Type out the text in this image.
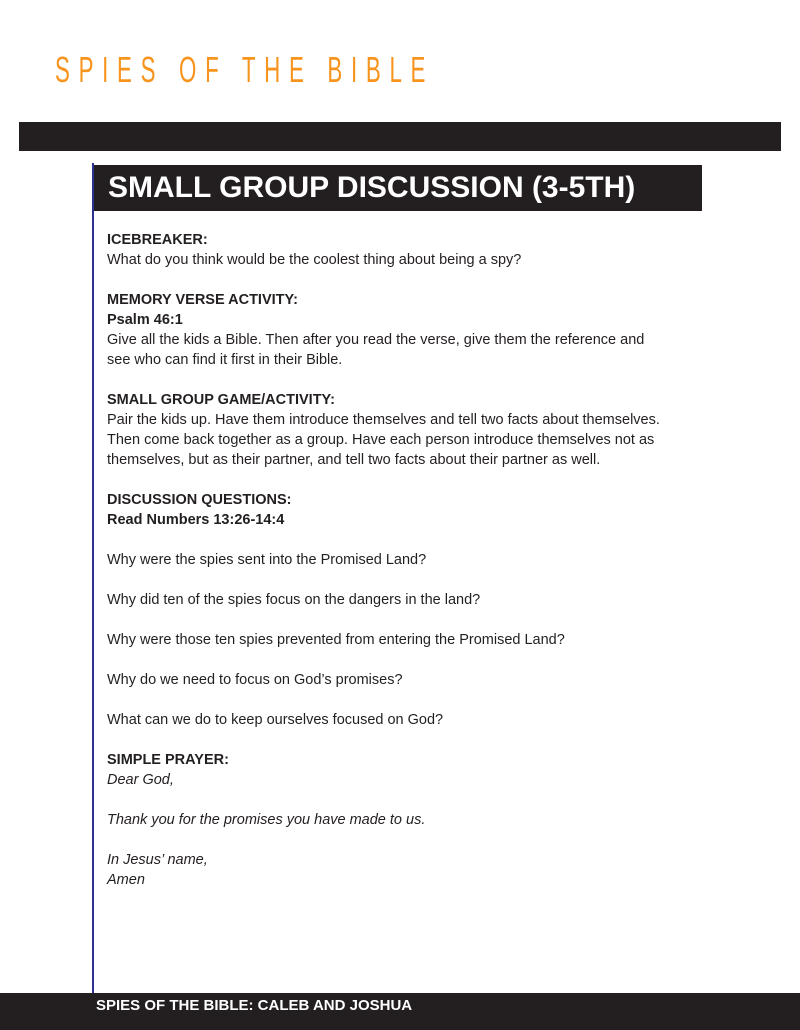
SPIES OF THE BIBLE
SMALL GROUP DISCUSSION (3-5TH)
ICEBREAKER:
What do you think would be the coolest thing about being a spy?
MEMORY VERSE ACTIVITY:
Psalm 46:1
Give all the kids a Bible. Then after you read the verse, give them the reference and
see who can find it first in their Bible.
SMALL GROUP GAME/ACTIVITY:
Pair the kids up. Have them introduce themselves and tell two facts about themselves.
Then come back together as a group. Have each person introduce themselves not as
themselves, but as their partner, and tell two facts about their partner as well.
DISCUSSION QUESTIONS:
Read Numbers 13:26-14:4
Why were the spies sent into the Promised Land?
Why did ten of the spies focus on the dangers in the land?
Why were those ten spies prevented from entering the Promised Land?
Why do we need to focus on God’s promises?
What can we do to keep ourselves focused on God?
SIMPLE PRAYER:
Dear God,
Thank you for the promises you have made to us.
In Jesus’ name,
Amen
SPIES OF THE BIBLE: CALEB AND JOSHUA
